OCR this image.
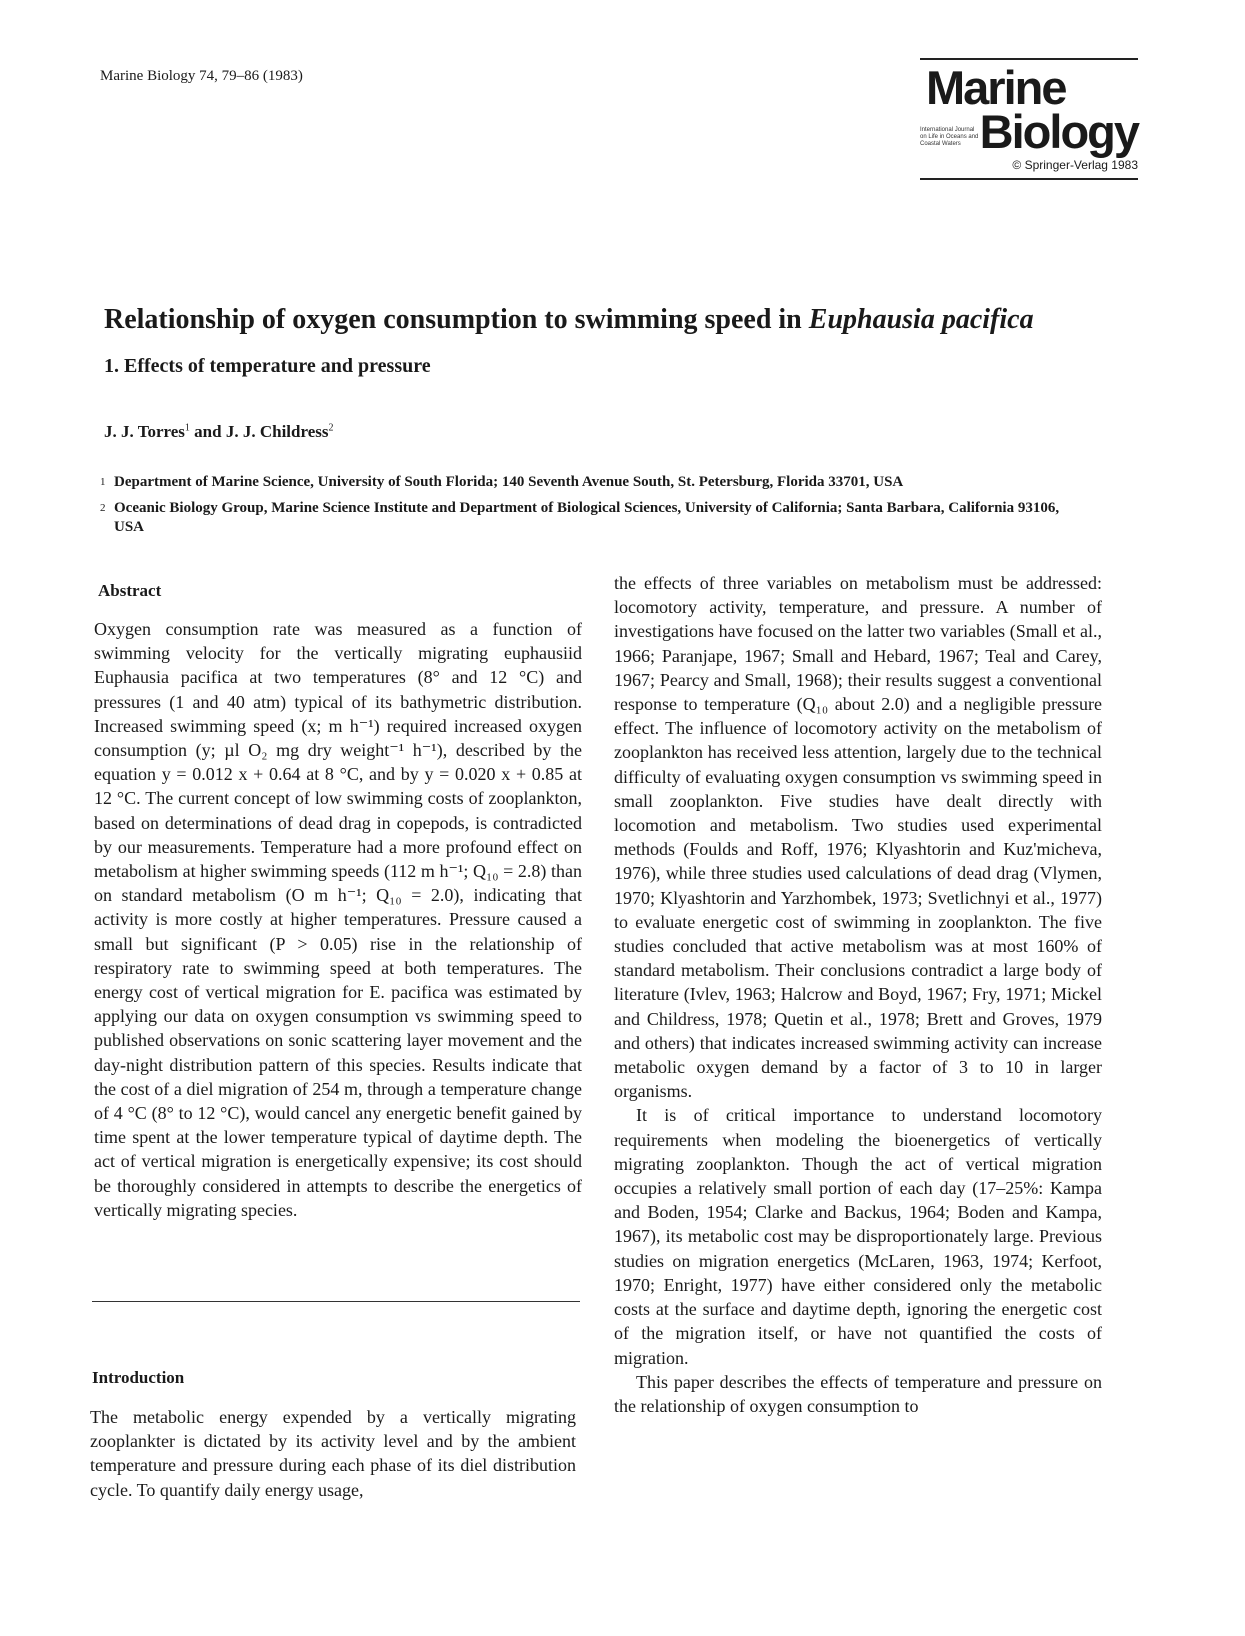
Marine Biology 74, 79–86 (1983)	Marine
International Journal on Life in Oceans and Coastal Waters Biology
© Springer-Verlag 1983
Relationship of oxygen consumption to swimming speed in Euphausia pacifica
1. Effects of temperature and pressure
J. J. Torres$^1$ and J. J. Childress$^2$
1 Department of Marine Science, University of South Florida; 140 Seventh Avenue South, St. Petersburg, Florida 33701, USA
2 Oceanic Biology Group, Marine Science Institute and Department of Biological Sciences, University of California; Santa Barbara, California 93106, USA
Abstract

Oxygen consumption rate was measured as a function of swimming velocity for the vertically migrating euphausiid Euphausia pacifica at two temperatures (8° and 12 °C) and pressures (1 and 40 atm) typical of its bathymetric distribution. Increased swimming speed (x; m h⁻¹) required increased oxygen consumption (y; µl O₂ mg dry weight⁻¹ h⁻¹), described by the equation y = 0.012 x + 0.64 at 8 °C, and by y = 0.020 x + 0.85 at 12 °C. The current concept of low swimming costs of zooplankton, based on determinations of dead drag in copepods, is contradicted by our measurements. Temperature had a more profound effect on metabolism at higher swimming speeds (112 m h⁻¹; Q₁₀ = 2.8) than on standard metabolism (O m h⁻¹; Q₁₀ = 2.0), indicating that activity is more costly at higher temperatures. Pressure caused a small but significant (P > 0.05) rise in the relationship of respiratory rate to swimming speed at both temperatures. The energy cost of vertical migration for E. pacifica was estimated by applying our data on oxygen consumption vs swimming speed to published observations on sonic scattering layer movement and the day-night distribution pattern of this species. Results indicate that the cost of a diel migration of 254 m, through a temperature change of 4 °C (8° to 12 °C), would cancel any energetic benefit gained by time spent at the lower temperature typical of daytime depth. The act of vertical migration is energetically expensive; its cost should be thoroughly considered in attempts to describe the energetics of vertically migrating species.

Introduction

The metabolic energy expended by a vertically migrating zooplankter is dictated by its activity level and by the ambient temperature and pressure during each phase of its diel distribution cycle. To quantify daily energy usage,

the effects of three variables on metabolism must be addressed: locomotory activity, temperature, and pressure. A number of investigations have focused on the latter two variables (Small et al., 1966; Paranjape, 1967; Small and Hebard, 1967; Teal and Carey, 1967; Pearcy and Small, 1968); their results suggest a conventional response to temperature (Q₁₀ about 2.0) and a negligible pressure effect. The influence of locomotory activity on the metabolism of zooplankton has received less attention, largely due to the technical difficulty of evaluating oxygen consumption vs swimming speed in small zooplankton. Five studies have dealt directly with locomotion and metabolism. Two studies used experimental methods (Foulds and Roff, 1976; Klyashtorin and Kuz'micheva, 1976), while three studies used calculations of dead drag (Vlymen, 1970; Klyashtorin and Yarzhombek, 1973; Svetlichnyi et al., 1977) to evaluate energetic cost of swimming in zooplankton. The five studies concluded that active metabolism was at most 160% of standard metabolism. Their conclusions contradict a large body of literature (Ivlev, 1963; Halcrow and Boyd, 1967; Fry, 1971; Mickel and Childress, 1978; Quetin et al., 1978; Brett and Groves, 1979 and others) that indicates increased swimming activity can increase metabolic oxygen demand by a factor of 3 to 10 in larger organisms.

It is of critical importance to understand locomotory requirements when modeling the bioenergetics of vertically migrating zooplankton. Though the act of vertical migration occupies a relatively small portion of each day (17–25%: Kampa and Boden, 1954; Clarke and Backus, 1964; Boden and Kampa, 1967), its metabolic cost may be disproportionately large. Previous studies on migration energetics (McLaren, 1963, 1974; Kerfoot, 1970; Enright, 1977) have either considered only the metabolic costs at the surface and daytime depth, ignoring the energetic cost of the migration itself, or have not quantified the costs of migration.

This paper describes the effects of temperature and pressure on the relationship of oxygen consumption to
